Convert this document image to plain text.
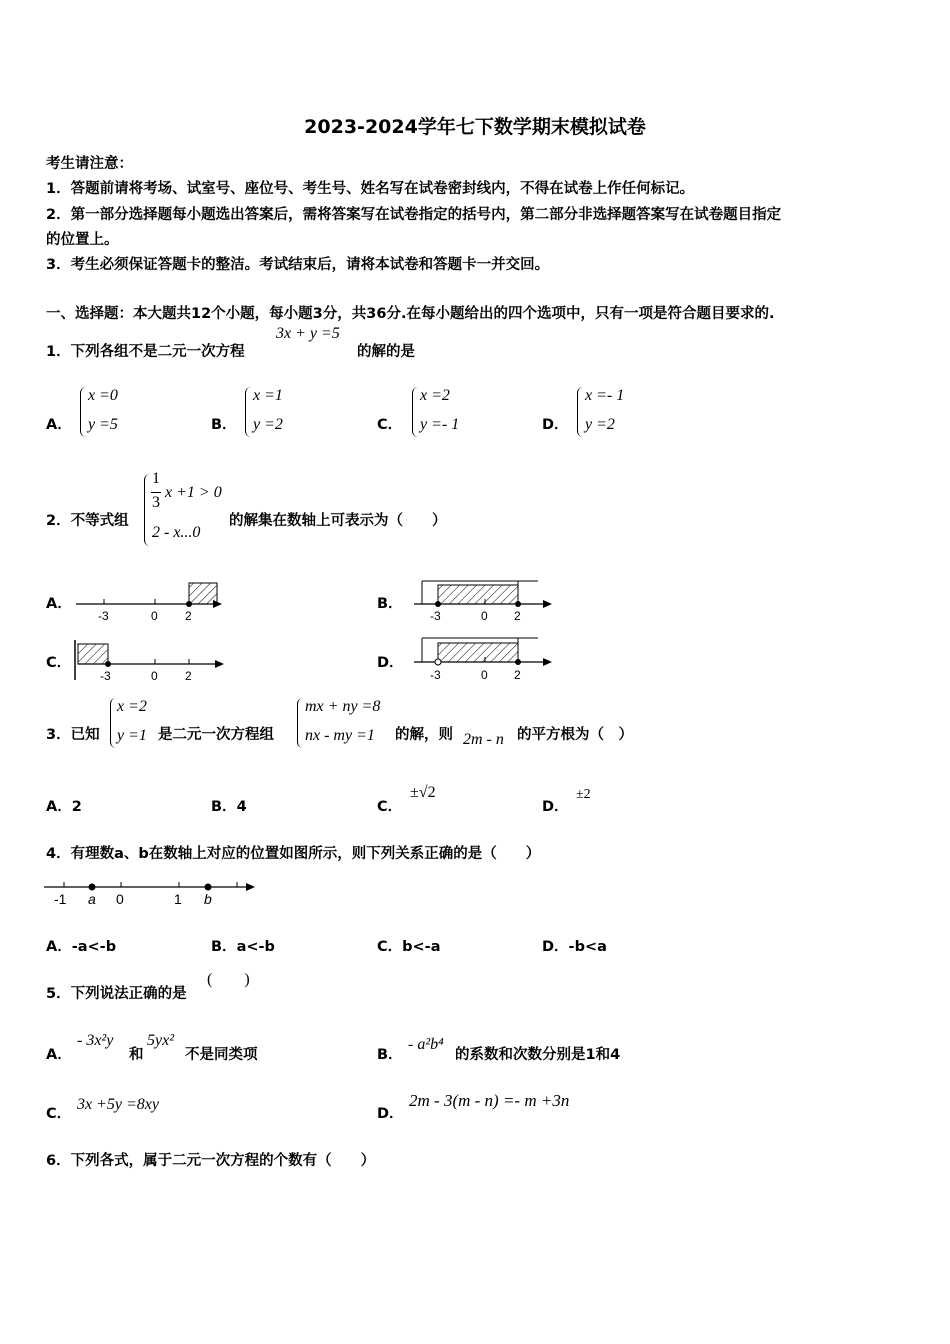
2023-2024学年七下数学期末模拟试卷
考生请注意：
1．答题前请将考场、试室号、座位号、考生号、姓名写在试卷密封线内，不得在试卷上作任何标记。
2．第一部分选择题每小题选出答案后，需将答案写在试卷指定的括号内，第二部分非选择题答案写在试卷题目指定
的位置上。
3．考生必须保证答题卡的整洁。考试结束后，请将本试卷和答题卡一并交回。
一、选择题：本大题共12个小题，每小题3分，共36分.在每小题给出的四个选项中，只有一项是符合题目要求的.
1．下列各组不是二元一次方程
3x + y =5
的解的是
A．
x =0
y =5	B．
x =1
y =2	C．
x =2
y =- 1	D．
x =- 1
y =2
2．不等式组
1
3
x +1 > 0
2 - x...0
的解集在数轴上可表示为（　　）
A．
-3	0 2
B．
-3	0 2
C．
-3	0 2
D．
-3	0 2
3．已知
x =2
y =1 是二元一次方程组
mx + ny =8
nx - my =1 的解，则 2m - n 的平方根为（　）
A．2	B．4	C．
±√2
D．
±2
4．有理数a、b在数轴上对应的位置如图所示，则下列关系正确的是（　　）
-1 a 0	1 b
A．-a<-b	B．a<-b	C．b<-a	D．-b<a
5．下列说法正确的是
(　　)
A．
- 3x²y
和
5yx²
不是同类项	B．
- a²b⁴
的系数和次数分别是1和4
C．
3x +5y =8xy
D．
2m - 3(m - n) =- m +3n
6．下列各式，属于二元一次方程的个数有（　　）
